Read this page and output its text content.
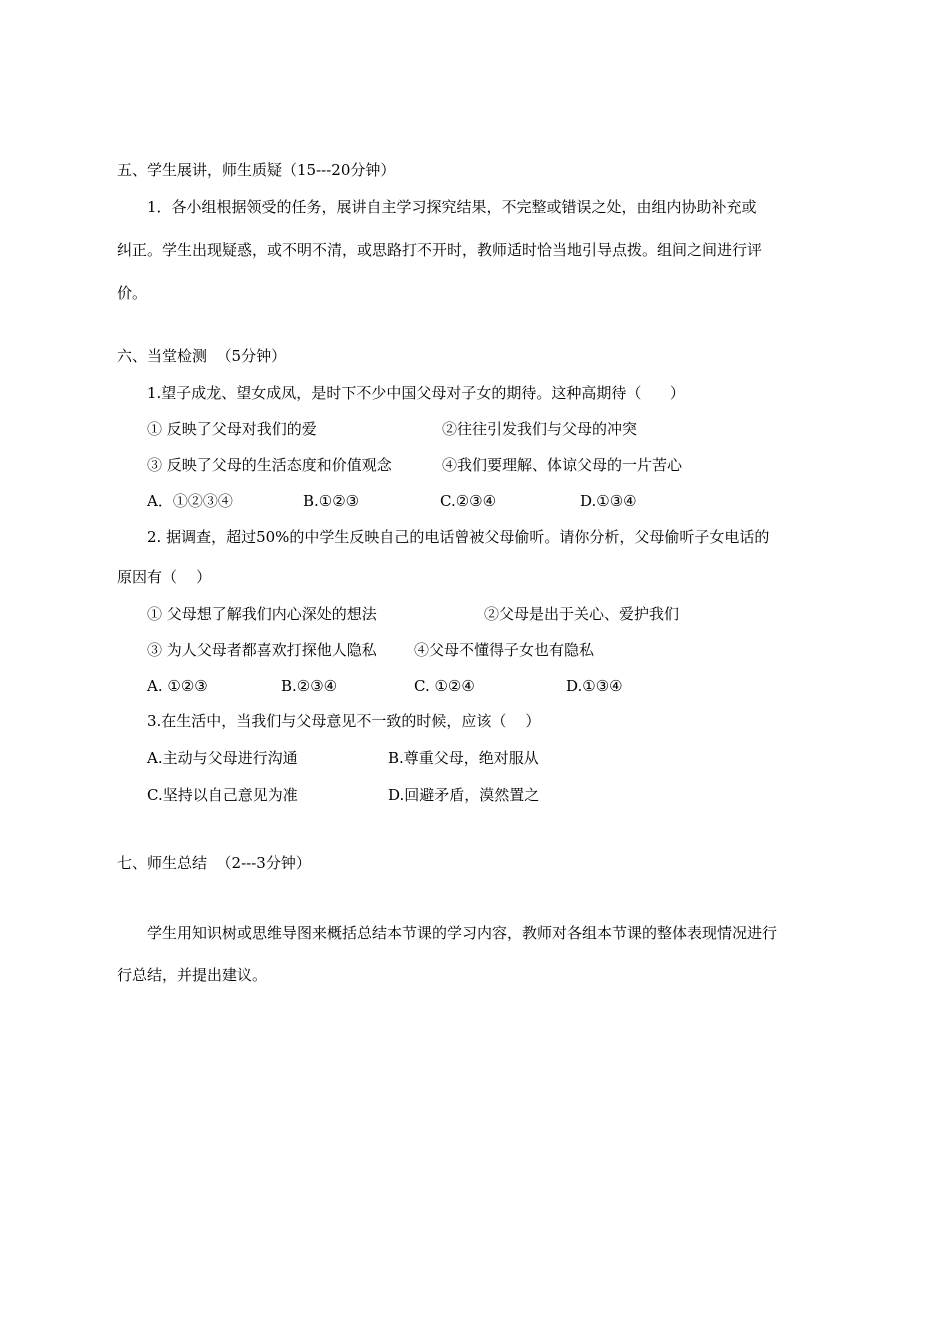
五、学生展讲，师生质疑（15---20分钟）
1．各小组根据领受的任务，展讲自主学习探究结果，不完整或错误之处，由组内协助补充或
纠正。学生出现疑惑，或不明不清，或思路打不开时，教师适时恰当地引导点拨。组间之间进行评
价。
六、当堂检测  （5分钟）
1.望子成龙、望女成凤，是时下不少中国父母对子女的期待。这种高期待（      ）
① 反映了父母对我们的爱	②往往引发我们与父母的冲突
③ 反映了父母的生活态度和价值观念	④我们要理解、体谅父母的一片苦心
A．①②③④	B.①②③	C.②③④	D.①③④
2. 据调查，超过50%的中学生反映自己的电话曾被父母偷听。请你分析，父母偷听子女电话的
原因有（    ）
① 父母想了解我们内心深处的想法	②父母是出于关心、爱护我们
③ 为人父母者都喜欢打探他人隐私 ④父母不懂得子女也有隐私
A. ①②③	B.②③④	C. ①②④	D.①③④
3.在生活中，当我们与父母意见不一致的时候，应该（    ）
A.主动与父母进行沟通	B.尊重父母，绝对服从
C.坚持以自己意见为准	D.回避矛盾，漠然置之
七、师生总结  （2---3分钟）
学生用知识树或思维导图来概括总结本节课的学习内容，教师对各组本节课的整体表现情况进行
行总结，并提出建议。
